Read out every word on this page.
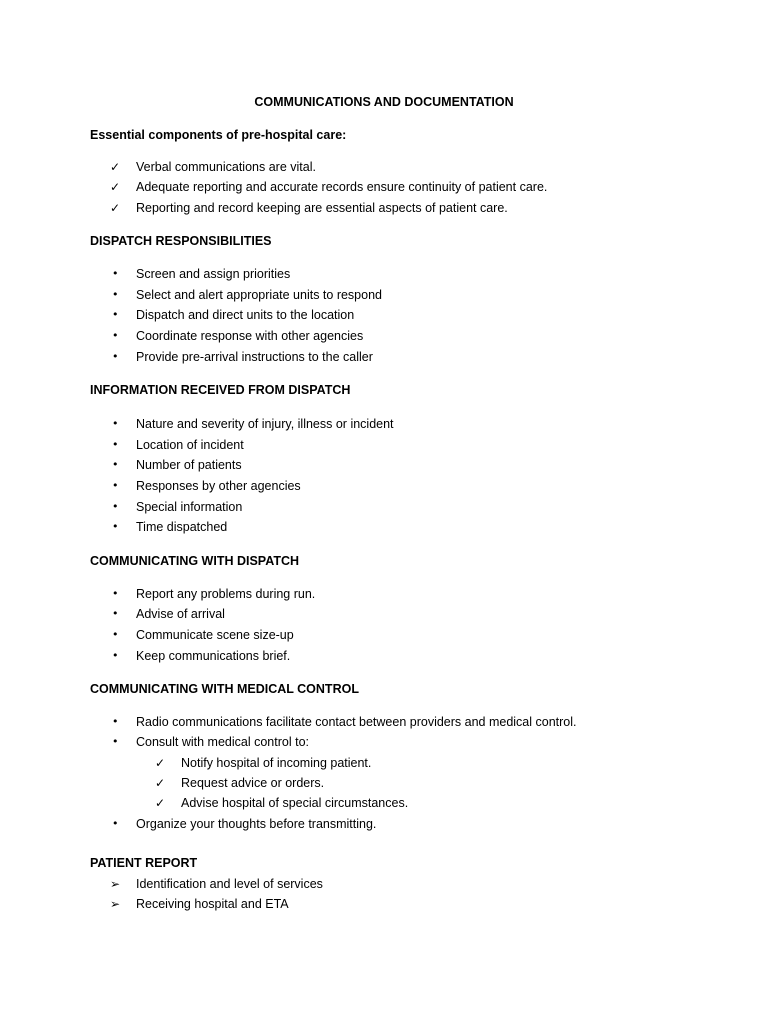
COMMUNICATIONS AND DOCUMENTATION
Essential components of pre-hospital care:
✓	Verbal communications are vital.
✓	Adequate reporting and accurate records ensure continuity of patient care.
✓	Reporting and record keeping are essential aspects of patient care.
DISPATCH RESPONSIBILITIES
•	Screen and assign priorities
•	Select and alert appropriate units to respond
•	Dispatch and direct units to the location
•	Coordinate response with other agencies
•	Provide pre-arrival instructions to the caller
INFORMATION RECEIVED FROM DISPATCH
•	Nature and severity of injury, illness or incident
•	Location of incident
•	Number of patients
•	Responses by other agencies
•	Special information
•	Time dispatched
COMMUNICATING WITH DISPATCH
•	Report any problems during run.
•	Advise of arrival
•	Communicate scene size-up
•	Keep communications brief.
COMMUNICATING WITH MEDICAL CONTROL
•	Radio communications facilitate contact between providers and medical control.
•	Consult with medical control to:
✓	Notify hospital of incoming patient.
✓	Request advice or orders.
✓	Advise hospital of special circumstances.
•	Organize your thoughts before transmitting.
PATIENT REPORT
➢	Identification and level of services
➢	Receiving hospital and ETA
